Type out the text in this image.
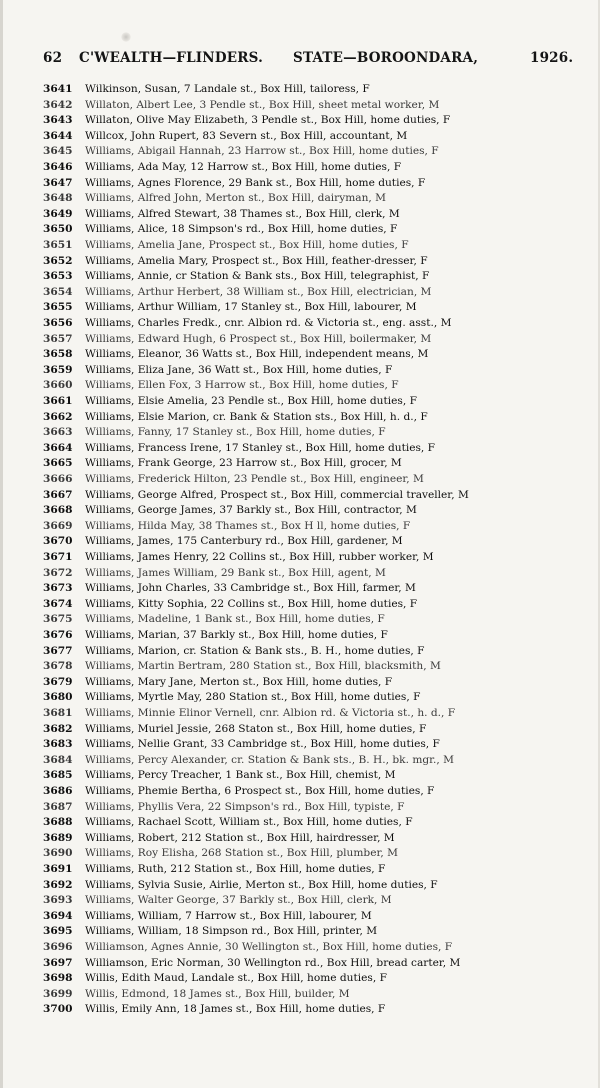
62 C'WEALTH—FLINDERS. STATE—BOROONDARA,	1926.
3641	Wilkinson, Susan, 7 Landale st., Box Hill, tailoress, F
3642	Willaton, Albert Lee, 3 Pendle st., Box Hill, sheet metal worker, M
3643	Willaton, Olive May Elizabeth, 3 Pendle st., Box Hill, home duties, F
3644	Willcox, John Rupert, 83 Severn st., Box Hill, accountant, M
3645	Williams, Abigail Hannah, 23 Harrow st., Box Hill, home duties, F
3646	Williams, Ada May, 12 Harrow st., Box Hill, home duties, F
3647	Williams, Agnes Florence, 29 Bank st., Box Hill, home duties, F
3648	Williams, Alfred John, Merton st., Box Hill, dairyman, M
3649	Williams, Alfred Stewart, 38 Thames st., Box Hill, clerk, M
3650	Williams, Alice, 18 Simpson's rd., Box Hill, home duties, F
3651	Williams, Amelia Jane, Prospect st., Box Hill, home duties, F
3652	Williams, Amelia Mary, Prospect st., Box Hill, feather-dresser, F
3653	Williams, Annie, cr Station & Bank sts., Box Hill, telegraphist, F
3654	Williams, Arthur Herbert, 38 William st., Box Hill, electrician, M
3655	Williams, Arthur William, 17 Stanley st., Box Hill, labourer, M
3656	Williams, Charles Fredk., cnr. Albion rd. & Victoria st., eng. asst., M
3657	Williams, Edward Hugh, 6 Prospect st., Box Hill, boilermaker, M
3658	Williams, Eleanor, 36 Watts st., Box Hill, independent means, M
3659	Williams, Eliza Jane, 36 Watt st., Box Hill, home duties, F
3660	Williams, Ellen Fox, 3 Harrow st., Box Hill, home duties, F
3661	Williams, Elsie Amelia, 23 Pendle st., Box Hill, home duties, F
3662	Williams, Elsie Marion, cr. Bank & Station sts., Box Hill, h. d., F
3663	Williams, Fanny, 17 Stanley st., Box Hill, home duties, F
3664	Williams, Francess Irene, 17 Stanley st., Box Hill, home duties, F
3665	Williams, Frank George, 23 Harrow st., Box Hill, grocer, M
3666	Williams, Frederick Hilton, 23 Pendle st., Box Hill, engineer, M
3667	Williams, George Alfred, Prospect st., Box Hill, commercial traveller, M
3668	Williams, George James, 37 Barkly st., Box Hill, contractor, M
3669	Williams, Hilda May, 38 Thames st., Box H ll, home duties, F
3670	Williams, James, 175 Canterbury rd., Box Hill, gardener, M
3671	Williams, James Henry, 22 Collins st., Box Hill, rubber worker, M
3672	Williams, James William, 29 Bank st., Box Hill, agent, M
3673	Williams, John Charles, 33 Cambridge st., Box Hill, farmer, M
3674	Williams, Kitty Sophia, 22 Collins st., Box Hill, home duties, F
3675	Williams, Madeline, 1 Bank st., Box Hill, home duties, F
3676	Williams, Marian, 37 Barkly st., Box Hill, home duties, F
3677	Williams, Marion, cr. Station & Bank sts., B. H., home duties, F
3678	Williams, Martin Bertram, 280 Station st., Box Hill, blacksmith, M
3679	Williams, Mary Jane, Merton st., Box Hill, home duties, F
3680	Williams, Myrtle May, 280 Station st., Box Hill, home duties, F
3681	Williams, Minnie Elinor Vernell, cnr. Albion rd. & Victoria st., h. d., F
3682	Williams, Muriel Jessie, 268 Staton st., Box Hill, home duties, F
3683	Williams, Nellie Grant, 33 Cambridge st., Box Hill, home duties, F
3684	Williams, Percy Alexander, cr. Station & Bank sts., B. H., bk. mgr., M
3685	Williams, Percy Treacher, 1 Bank st., Box Hill, chemist, M
3686	Williams, Phemie Bertha, 6 Prospect st., Box Hill, home duties, F
3687	Williams, Phyllis Vera, 22 Simpson's rd., Box Hill, typiste, F
3688	Williams, Rachael Scott, William st., Box Hill, home duties, F
3689	Williams, Robert, 212 Station st., Box Hill, hairdresser, M
3690	Williams, Roy Elisha, 268 Station st., Box Hill, plumber, M
3691	Williams, Ruth, 212 Station st., Box Hill, home duties, F
3692	Williams, Sylvia Susie, Airlie, Merton st., Box Hill, home duties, F
3693	Williams, Walter George, 37 Barkly st., Box Hill, clerk, M
3694	Williams, William, 7 Harrow st., Box Hill, labourer, M
3695	Williams, William, 18 Simpson rd., Box Hill, printer, M
3696	Williamson, Agnes Annie, 30 Wellington st., Box Hill, home duties, F
3697	Williamson, Eric Norman, 30 Wellington rd., Box Hill, bread carter, M
3698	Willis, Edith Maud, Landale st., Box Hill, home duties, F
3699	Willis, Edmond, 18 James st., Box Hill, builder, M
3700	Willis, Emily Ann, 18 James st., Box Hill, home duties, F
